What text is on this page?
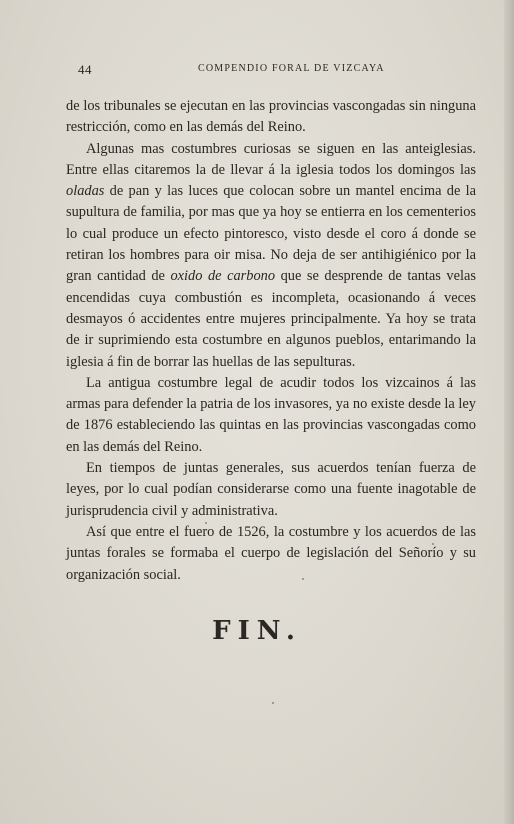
44	COMPENDIO FORAL DE VIZCAYA

de los tribunales se ejecutan en las provincias vascongadas sin ninguna restricción, como en las demás del Reino.

Algunas mas costumbres curiosas se siguen en las anteiglesias. Entre ellas citaremos la de llevar á la iglesia todos los domingos las oladas de pan y las luces que colocan sobre un mantel encima de la supultura de familia, por mas que ya hoy se entierra en los cementerios lo cual produce un efecto pintoresco, visto desde el coro á donde se retiran los hombres para oir misa. No deja de ser antihigiénico por la gran cantidad de oxido de carbono que se desprende de tantas velas encendidas cuya combustión es incompleta, ocasionando á veces desmayos ó accidentes entre mujeres principalmente. Ya hoy se trata de ir suprimiendo esta costumbre en algunos pueblos, entarimando la iglesia á fin de borrar las huellas de las sepulturas.

La antigua costumbre legal de acudir todos los vizcainos á las armas para defender la patria de los invasores, ya no existe desde la ley de 1876 estableciendo las quintas en las provincias vascongadas como en las demás del Reino.

En tiempos de juntas generales, sus acuerdos tenían fuerza de leyes, por lo cual podían considerarse como una fuente inagotable de jurisprudencia civil y administrativa.

Así que entre el fuero de 1526, la costumbre y los acuerdos de las juntas forales se formaba el cuerpo de legislación del Señorío y su organización social.

FIN.
